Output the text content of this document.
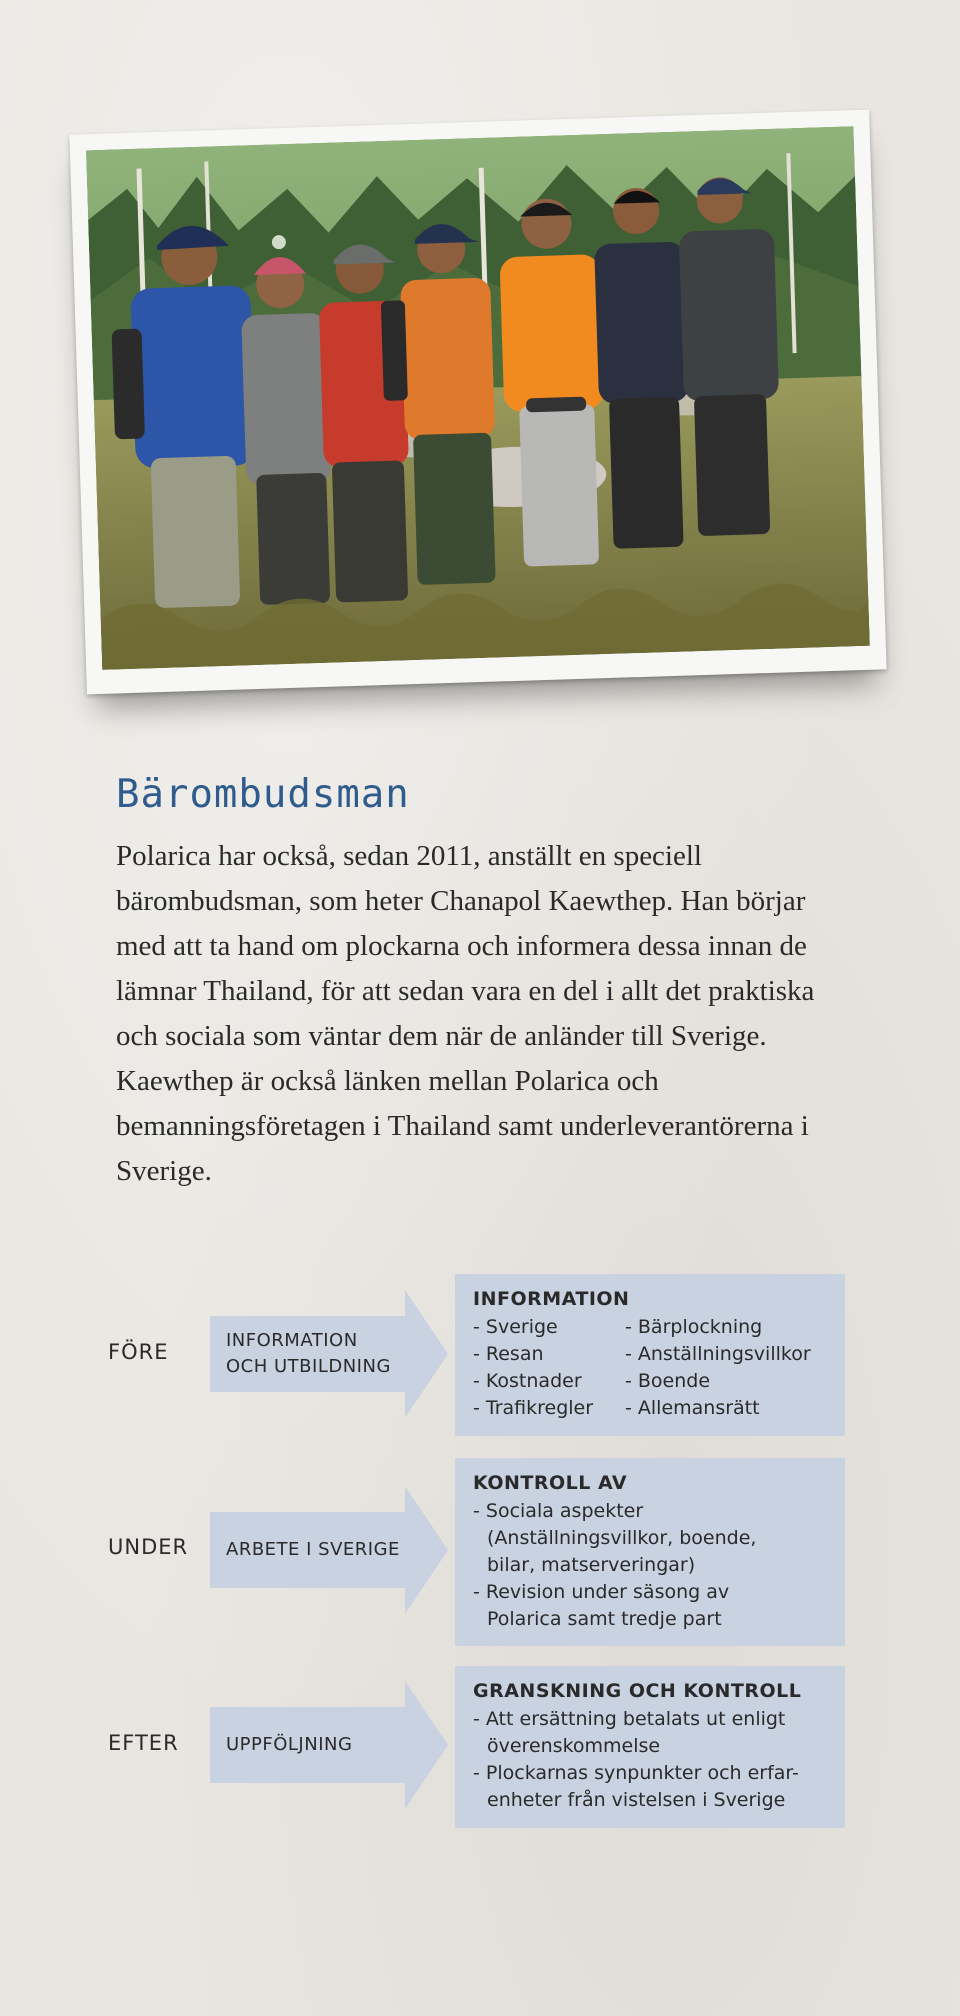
Bärombudsman

Polarica har också, sedan 2011, anställt en speciell bärombudsman, som heter Chanapol Kaewthep. Han börjar med att ta hand om plockarna och informera dessa innan de lämnar Thailand, för att sedan vara en del i allt det praktiska och sociala som väntar dem när de anländer till Sverige. Kaewthep är också länken mellan Polarica och bemanningsföretagen i Thailand samt underleverantörerna i Sverige.

FÖRE	INFORMATION
OCH UTBILDNING
INFORMATION
- Sverige
- Resan
- Kostnader
- Trafikregler
- Bärplockning
- Anställningsvillkor
- Boende
- Allemansrätt
UNDER ARBETE I SVERIGE
KONTROLL AV
- Sociala aspekter
(Anställningsvillkor, boende,
bilar, matserveringar)
- Revision under säsong av
Polarica samt tredje part
EFTER	UPPFÖLJNING
GRANSKNING OCH KONTROLL
- Att ersättning betalats ut enligt
överenskommelse
- Plockarnas synpunkter och erfar-
enheter från vistelsen i Sverige
